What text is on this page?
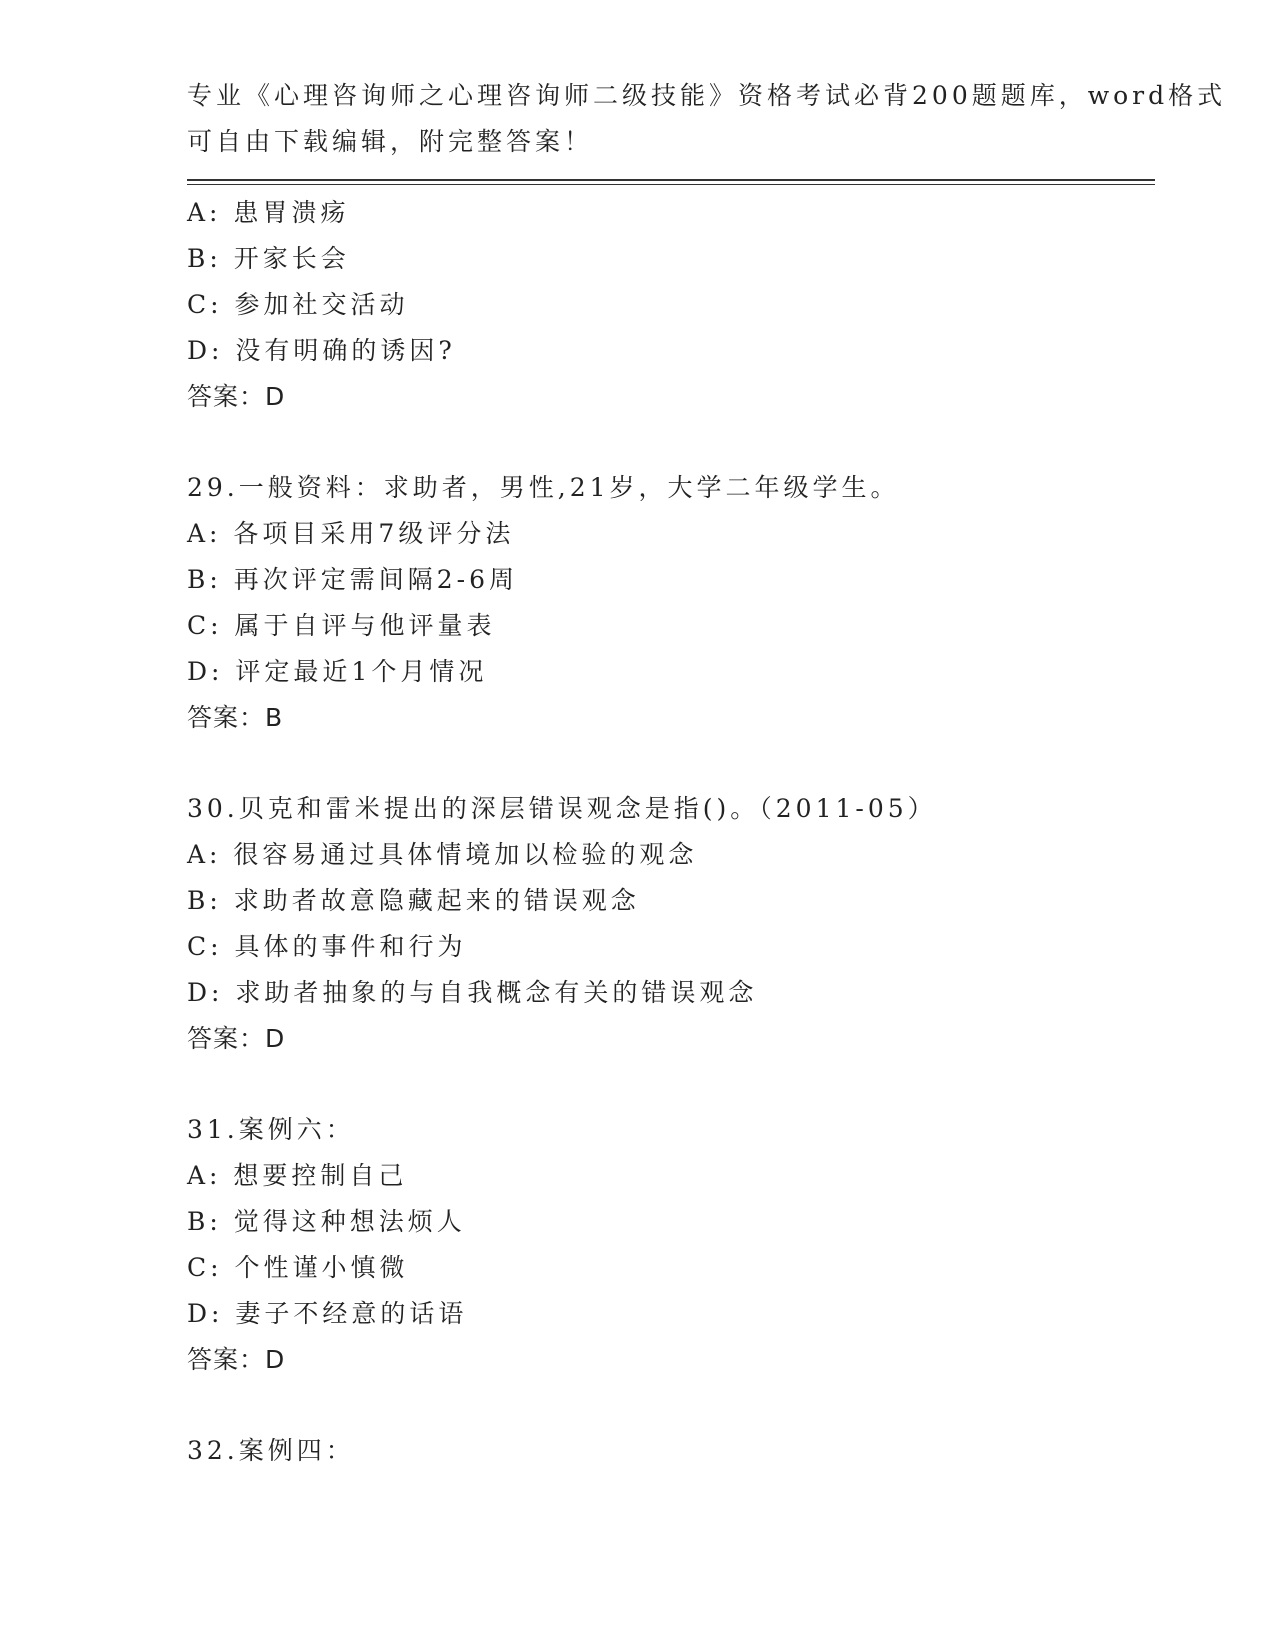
专业《心理咨询师之心理咨询师二级技能》资格考试必背200题题库，word格式
可自由下载编辑，附完整答案！
A: 患胃溃疡
B: 开家长会
C: 参加社交活动
D: 没有明确的诱因?
答案：D
29.一般资料：求助者，男性,21岁，大学二年级学生。
A: 各项目采用7级评分法
B: 再次评定需间隔2-6周
C: 属于自评与他评量表
D: 评定最近1个月情况
答案：B
30.贝克和雷米提出的深层错误观念是指()。（2011-05）
A: 很容易通过具体情境加以检验的观念
B: 求助者故意隐藏起来的错误观念
C: 具体的事件和行为
D: 求助者抽象的与自我概念有关的错误观念
答案：D
31.案例六：
A: 想要控制自己
B: 觉得这种想法烦人
C: 个性谨小慎微
D: 妻子不经意的话语
答案：D
32.案例四：
